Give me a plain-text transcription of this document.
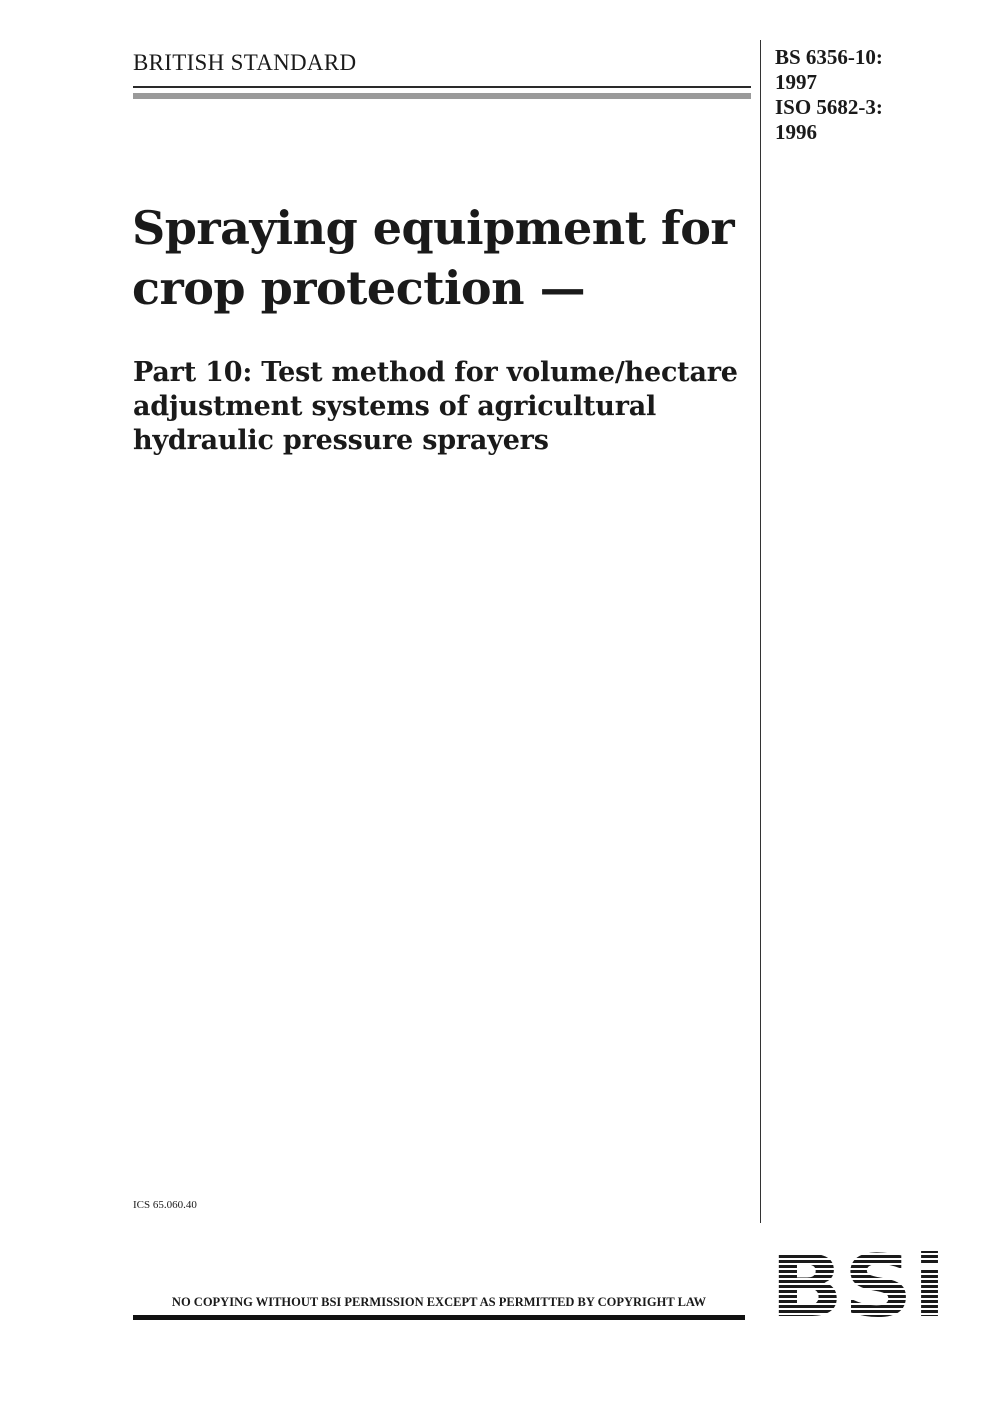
BRITISH STANDARD	BS 6356-10:
1997
ISO 5682-3:
1996
Spraying equipment for
crop protection —
Part 10: Test method for volume/hectare
adjustment systems of agricultural
hydraulic pressure sprayers
ICS 65.060.40
NO COPYING WITHOUT BSI PERMISSION EXCEPT AS PERMITTED BY COPYRIGHT LAW
